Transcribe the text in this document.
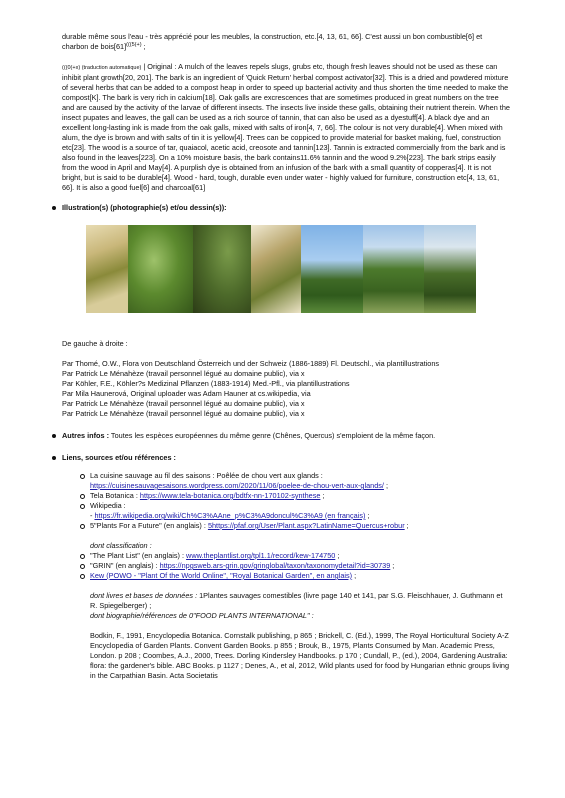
durable même sous l'eau - très apprécié pour les meubles, la construction, etc.[4, 13, 61, 66]. C'est aussi un bon combustible[6] et charbon de $bois[61]^{(((5(+)}$ ;

(((0(+x) (traduction automatique) | Original : A mulch of the leaves repels slugs, grubs etc, though fresh leaves should not be used as these can inhibit plant growth[20, 201]. The bark is an ingredient of 'Quick Return' herbal compost activator[32]. This is a dried and powdered mixture of several herbs that can be added to a compost heap in order to speed up bacterial activity and thus shorten the time needed to make the compost[K]. The bark is very rich in calcium[18]. Oak galls are excrescences that are sometimes produced in great numbers on the tree and are caused by the activity of the larvae of different insects. The insects live inside these galls, obtaining their nutrient therein. When the insect pupates and leaves, the gall can be used as a rich source of tannin, that can also be used as a dyestuff[4]. A black dye and an excellent long-lasting ink is made from the oak galls, mixed with salts of iron[4, 7, 66]. The colour is not very durable[4]. When mixed with alum, the dye is brown and with salts of tin it is yellow[4]. Trees can be coppiced to provide material for basket making, fuel, construction etc[23]. The wood is a source of tar, quaiacol, acetic acid, creosote and tannin[123]. Tannin is extracted commercially from the bark and is also found in the leaves[223]. On a 10% moisture basis, the bark contains11.6% tannin and the wood 9.2%[223]. The bark strips easily from the wood in April and May[4]. A purplish dye is obtained from an infusion of the bark with a small quantity of copperas[4]. It is not bright, but is said to be durable[4]. Wood - hard, tough, durable even under water - highly valued for furniture, construction etc[4, 13, 61, 66]. It is also a good fuel[6] and charcoal[61]

Illustration(s) (photographie(s) et/ou dessin(s)):

De gauche à droite :

Par Thomé, O.W., Flora von Deutschland Österreich und der Schweiz (1886-1889) Fl. Deutschl., via plantillustrations

Par Patrick Le Ménahèze (travail personnel légué au domaine public), via x

Par Köhler, F.E., Köhler?s Medizinal Pflanzen (1883-1914) Med.-Pfl., via plantillustrations

Par Mila Haunerová, Original uploader was Adam Hauner at cs.wikipedia, via

Par Patrick Le Ménahèze (travail personnel légué au domaine public), via x

Par Patrick Le Ménahèze (travail personnel légué au domaine public), via x

Autres infos : Toutes les espèces européennes du même genre (Chênes, Quercus) s'emploient de la même façon.
Liens, sources et/ou références :
La cuisine sauvage au fil des saisons : Poêlée de chou vert aux glands :
https://cuisinesauvagesaisons.wordpress.com/2020/11/06/poelee-de-chou-vert-aux-glands/ ;
Tela Botanica : https://www.tela-botanica.org/bdtfx-nn-170102-synthese ;
Wikipedia :
- https://fr.wikipedia.org/wiki/Ch%C3%AAne_p%C3%A9doncul%C3%A9 (en français) ;
5"Plants For a Future" (en anglais) : 5https://pfaf.org/User/Plant.aspx?LatinName=Quercus+robur ;

dont classification :

"The Plant List" (en anglais) : www.theplantlist.org/tpl1.1/record/kew-174750 ;
"GRIN" (en anglais) : https://npgsweb.ars-grin.gov/gringlobal/taxon/taxonomydetail?id=30739 ;
Kew (POWO - "Plant Of the World Online", "Royal Botanical Garden", en anglais) ;

dont livres et bases de données : 1Plantes sauvages comestibles (livre page 140 et 141, par S.G. Fleischhauer, J. Guthmann et R. Spiegelberger) ;
dont biographie/références de 0"FOOD PLANTS INTERNATIONAL" :

Bodkin, F., 1991, Encyclopedia Botanica. Cornstalk publishing, p 865 ; Brickell, C. (Ed.), 1999, The Royal Horticultural Society A-Z Encyclopedia of Garden Plants. Convent Garden Books. p 855 ; Brouk, B., 1975, Plants Consumed by Man. Academic Press, London. p 208 ; Coombes, A.J., 2000, Trees. Dorling Kindersley Handbooks. p 170 ; Cundall, P., (ed.), 2004, Gardening Australia: flora: the gardener's bible. ABC Books. p 1127 ; Denes, A., et al, 2012, Wild plants used for food by Hungarian ethnic groups living in the Carpathian Basin. Acta Societatis
